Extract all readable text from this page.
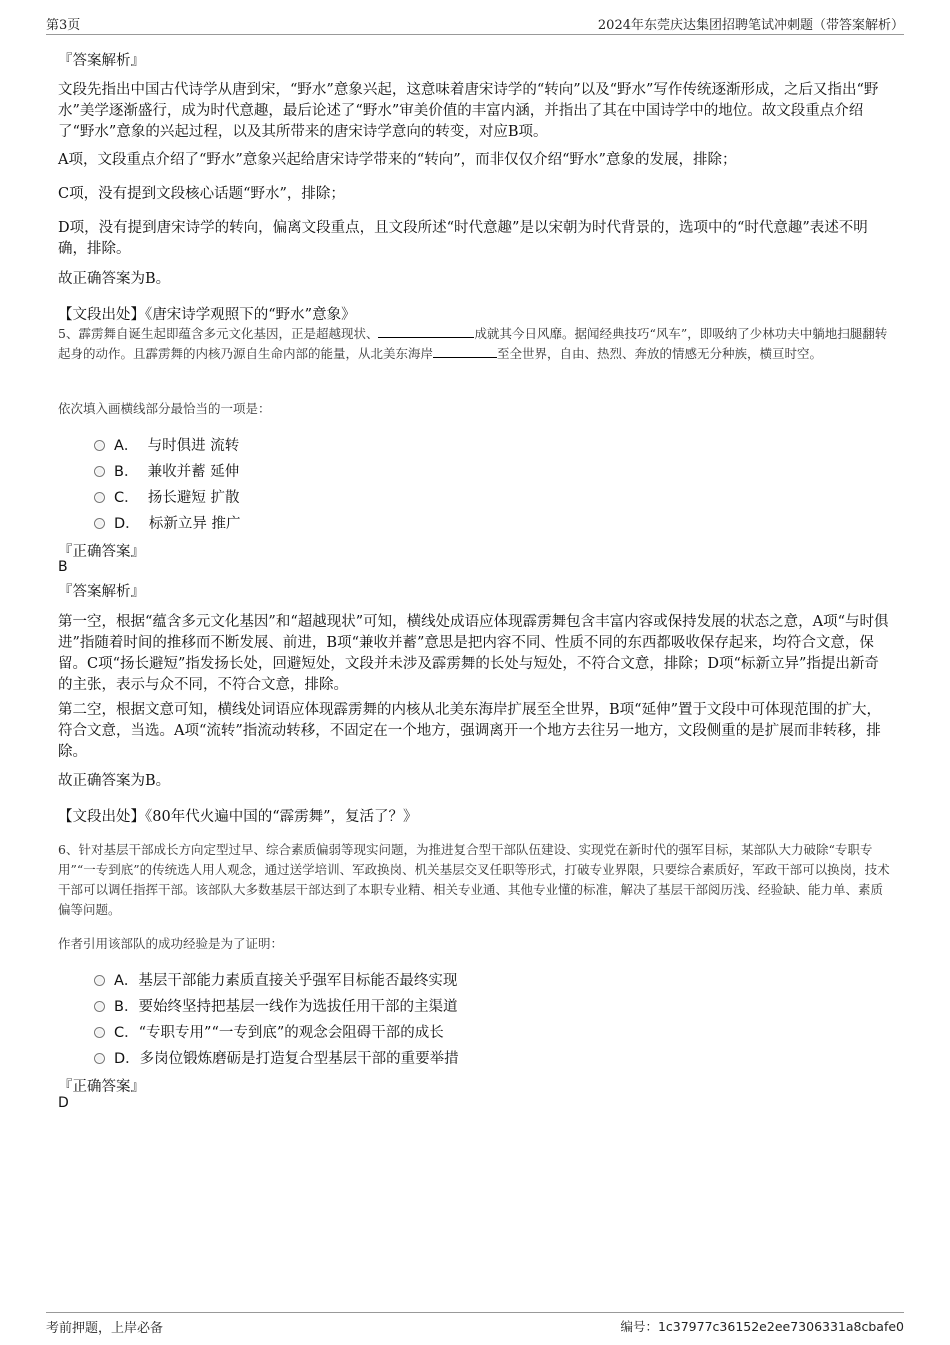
第3页	2024年东莞庆达集团招聘笔试冲刺题（带答案解析）
『答案解析』
文段先指出中国古代诗学从唐到宋，“野水”意象兴起，这意味着唐宋诗学的“转向”以及“野水”写作传统逐渐形成，之后又指出“野水”美学逐渐盛行，成为时代意趣，最后论述了“野水”审美价值的丰富内涵，并指出了其在中国诗学中的地位。故文段重点介绍了“野水”意象的兴起过程，以及其所带来的唐宋诗学意向的转变，对应B项。
A项，文段重点介绍了“野水”意象兴起给唐宋诗学带来的“转向”，而非仅仅介绍“野水”意象的发展，排除；
C项，没有提到文段核心话题“野水”，排除；
D项，没有提到唐宋诗学的转向，偏离文段重点，且文段所述“时代意趣”是以宋朝为时代背景的，选项中的“时代意趣”表述不明确，排除。
故正确答案为B。
【文段出处】《唐宋诗学观照下的“野水”意象》
5、霹雳舞自诞生起即蕴含多元文化基因，正是超越现状、	成就其今日风靡。据闻经典技巧“风车”，即吸纳了少林功夫中躺地扫腿翻转起身的动作。且霹雳舞的内核乃源自生命内部的能量，从北美东海岸	至全世界，自由、热烈、奔放的情感无分种族，横亘时空。
依次填入画横线部分最恰当的一项是：
A． 与时俱进 流转
B． 兼收并蓄 延伸
C． 扬长避短 扩散
D． 标新立异 推广
『正确答案』
B
『答案解析』
第一空，根据“蕴含多元文化基因”和“超越现状”可知，横线处成语应体现霹雳舞包含丰富内容或保持发展的状态之意，A项“与时俱进”指随着时间的推移而不断发展、前进，B项“兼收并蓄”意思是把内容不同、性质不同的东西都吸收保存起来，均符合文意，保留。C项“扬长避短”指发扬长处，回避短处，文段并未涉及霹雳舞的长处与短处，不符合文意，排除；D项“标新立异”指提出新奇的主张，表示与众不同，不符合文意，排除。
第二空，根据文意可知，横线处词语应体现霹雳舞的内核从北美东海岸扩展至全世界，B项“延伸”置于文段中可体现范围的扩大，符合文意，当选。A项“流转”指流动转移，不固定在一个地方，强调离开一个地方去往另一地方，文段侧重的是扩展而非转移，排除。
故正确答案为B。
【文段出处】《80年代火遍中国的“霹雳舞”，复活了？》
6、针对基层干部成长方向定型过早、综合素质偏弱等现实问题，为推进复合型干部队伍建设、实现党在新时代的强军目标，某部队大力破除“专职专用”“一专到底”的传统选人用人观念，通过送学培训、军政换岗、机关基层交叉任职等形式，打破专业界限，只要综合素质好，军政干部可以换岗，技术干部可以调任指挥干部。该部队大多数基层干部达到了本职专业精、相关专业通、其他专业懂的标准，解决了基层干部阅历浅、经验缺、能力单、素质偏等问题。
作者引用该部队的成功经验是为了证明：
A．基层干部能力素质直接关乎强军目标能否最终实现
B．要始终坚持把基层一线作为选拔任用干部的主渠道
C．“专职专用”“一专到底”的观念会阻碍干部的成长
D．多岗位锻炼磨砺是打造复合型基层干部的重要举措
『正确答案』
D
考前押题，上岸必备	编号：1c37977c36152e2ee7306331a8cbafe0
